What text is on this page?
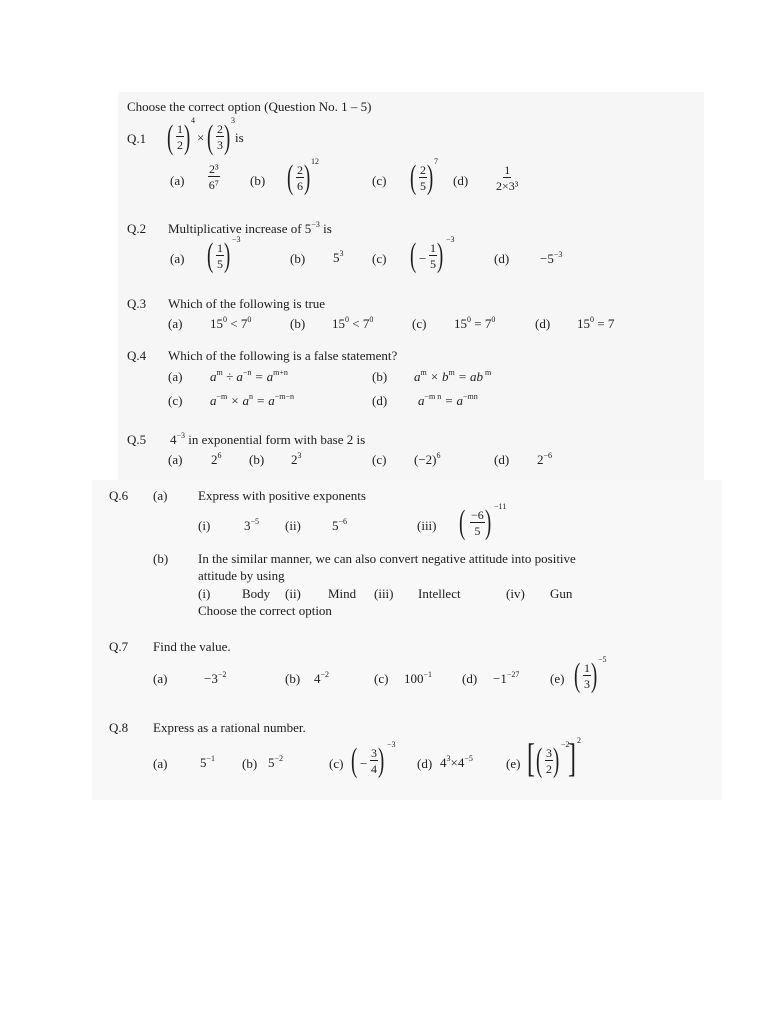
Choose the correct option (Question No. 1 – 5)
Q.1 ( $\frac{1}{2}$ ) 4
× ( $\frac{2}{3}$ ) 3
is
$(a) \frac{\text{2³}}{\text{6⁷}} (b)$ ( $\frac{2}{6}$ ) 12
(c) ( $\frac{2}{5}$ ) 7
$(d) \frac{1}{\text{2×3³}}$
Q.2 Multiplicative increase of $5^{-3}$ is
(a) ( $\frac{1}{5}$ ) −3
(b) $5^3$ (c) ( − $\frac{1}{5}$ ) −3
$(d) -5^{-3}$
Q.3 Which of the following is true
(a) $15^0 < 7^0$	(b) $15^0 < 7^0$	(c) $15^0 = 7^0$	(d) $15^0 = 7$
Q.4 Which of the following is a false statement?
(a) $a^m \div a^{-n} = a^{m+n}$	(b) $a^m \times b^m$ = ab $^m$
(c) $a^{-m} \times a^n = a^{-m-n}$	(d) $a^{-m n} = a^{-mn}$
Q.5 $4^{-3}$ in exponential form with base 2 is
(a) $2^6$ (b) $2^3$	(c) $(-2)^6$	(d) $2^{-6}$
Q.6 (a) Express with positive exponents
(i)	$3^{-5}$ (ii) $5^{-6}$	(iii) ( $\frac{-6}{5}$ ) −11
(b) In the similar manner, we can also convert negative attitude into positive
attitude by using
(i) Body (ii) Mind (iii) Intellect	(iv) Gun
Choose the correct option
Q.7 Find the value.
(a)	$-3^{-2}$	(b) $4^{-2}$	(c) $100^{-1}$ $(d) -1^{-27}$ (e) ( $\frac{1}{3}$ ) −5
Q.8 Express as a rational number.
(a)	$5^{-1}$ (b) $5^{-2}$	(c) ( − $\frac{3}{4}$ ) −3
(d) $4^3\times 4^{-5}$	(e) [ ( $\frac{3}{2}$ ) −2
] 2
